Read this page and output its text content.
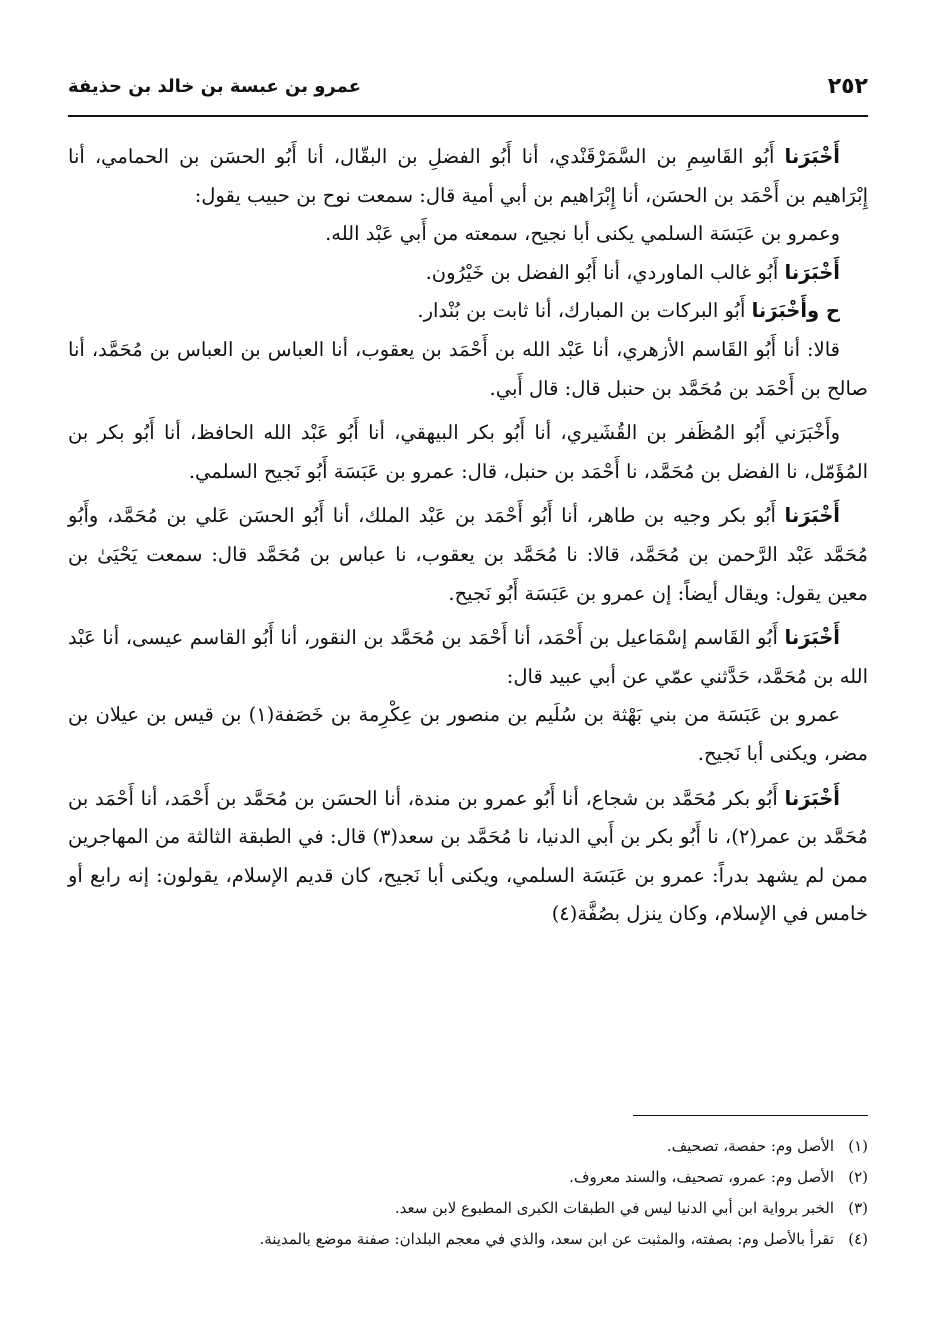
٢٥٢
عمرو بن عبسة بن خالد بن حذيفة

أَخْبَرَنا أَبُو القَاسِمِ بن السَّمَرْقَنْدي، أنا أَبُو الفضلِ بن البقّال، أنا أَبُو الحسَن بن الحمامي، أنا إِبْرَاهيم بن أَحْمَد بن الحسَن، أنا إِبْرَاهيم بن أبي أمية قال: سمعت نوح بن حبيب يقول:

وعمرو بن عَبَسَة السلمي يكنى أبا نجيح، سمعته من أَبي عَبْد الله.

أَخْبَرَنا أَبُو غالب الماوردي، أنا أَبُو الفضل بن خَيْرُون.

ح وأَخْبَرَنا أَبُو البركات بن المبارك، أنا ثابت بن بُنْدار.

قالا: أنا أَبُو القَاسم الأزهري، أنا عَبْد الله بن أَحْمَد بن يعقوب، أنا العباس بن العباس بن مُحَمَّد، أنا صالح بن أَحْمَد بن مُحَمَّد بن حنبل قال: قال أَبي.

وأَخْبَرَني أَبُو المُظَفر بن القُشَيري، أنا أَبُو بكر البيهقي، أنا أَبُو عَبْد الله الحافظ، أنا أَبُو بكر بن المُؤَمّل، نا الفضل بن مُحَمَّد، نا أَحْمَد بن حنبل، قال: عمرو بن عَبَسَة أَبُو نَجيح السلمي.

أَخْبَرَنا أَبُو بكر وجيه بن طاهر، أنا أَبُو أَحْمَد بن عَبْد الملك، أنا أَبُو الحسَن عَلي بن مُحَمَّد، وأَبُو مُحَمَّد عَبْد الرَّحمن بن مُحَمَّد، قالا: نا مُحَمَّد بن يعقوب، نا عباس بن مُحَمَّد قال: سمعت يَحْيَىٰ بن معين يقول: ويقال أيضاً: إن عمرو بن عَبَسَة أَبُو نَجيح.

أَخْبَرَنا أَبُو القَاسم إسْمَاعيل بن أَحْمَد، أنا أَحْمَد بن مُحَمَّد بن النقور، أنا أَبُو القاسم عيسى، أنا عَبْد الله بن مُحَمَّد، حَدَّثني عمّي عن أبي عبيد قال:

عمرو بن عَبَسَة من بني بَهْثة بن سُلَيم بن منصور بن عِكْرِمة بن خَصَفة(١) بن قيس بن عيلان بن مضر، ويكنى أبا نَجيح.

أَخْبَرَنا أَبُو بكر مُحَمَّد بن شجاع، أنا أَبُو عمرو بن مندة، أنا الحسَن بن مُحَمَّد بن أَحْمَد، أنا أَحْمَد بن مُحَمَّد بن عمر(٢)، نا أَبُو بكر بن أَبي الدنيا، نا مُحَمَّد بن سعد(٣) قال: في الطبقة الثالثة من المهاجرين ممن لم يشهد بدراً: عمرو بن عَبَسَة السلمي، ويكنى أبا نَجيح، كان قديم الإسلام، يقولون: إنه رابع أو خامس في الإسلام، وكان ينزل بصُفَّة(٤)

(١)الأصل وم: حفصة، تصحيف.
(٢)الأصل وم: عمرو، تصحيف، والسند معروف.
(٣)الخبر برواية ابن أبي الدنيا ليس في الطبقات الكبرى المطبوع لابن سعد.
(٤)تقرأ بالأصل وم: بصفته، والمثبت عن ابن سعد، والذي في معجم البلدان: صفنة موضع بالمدينة.
